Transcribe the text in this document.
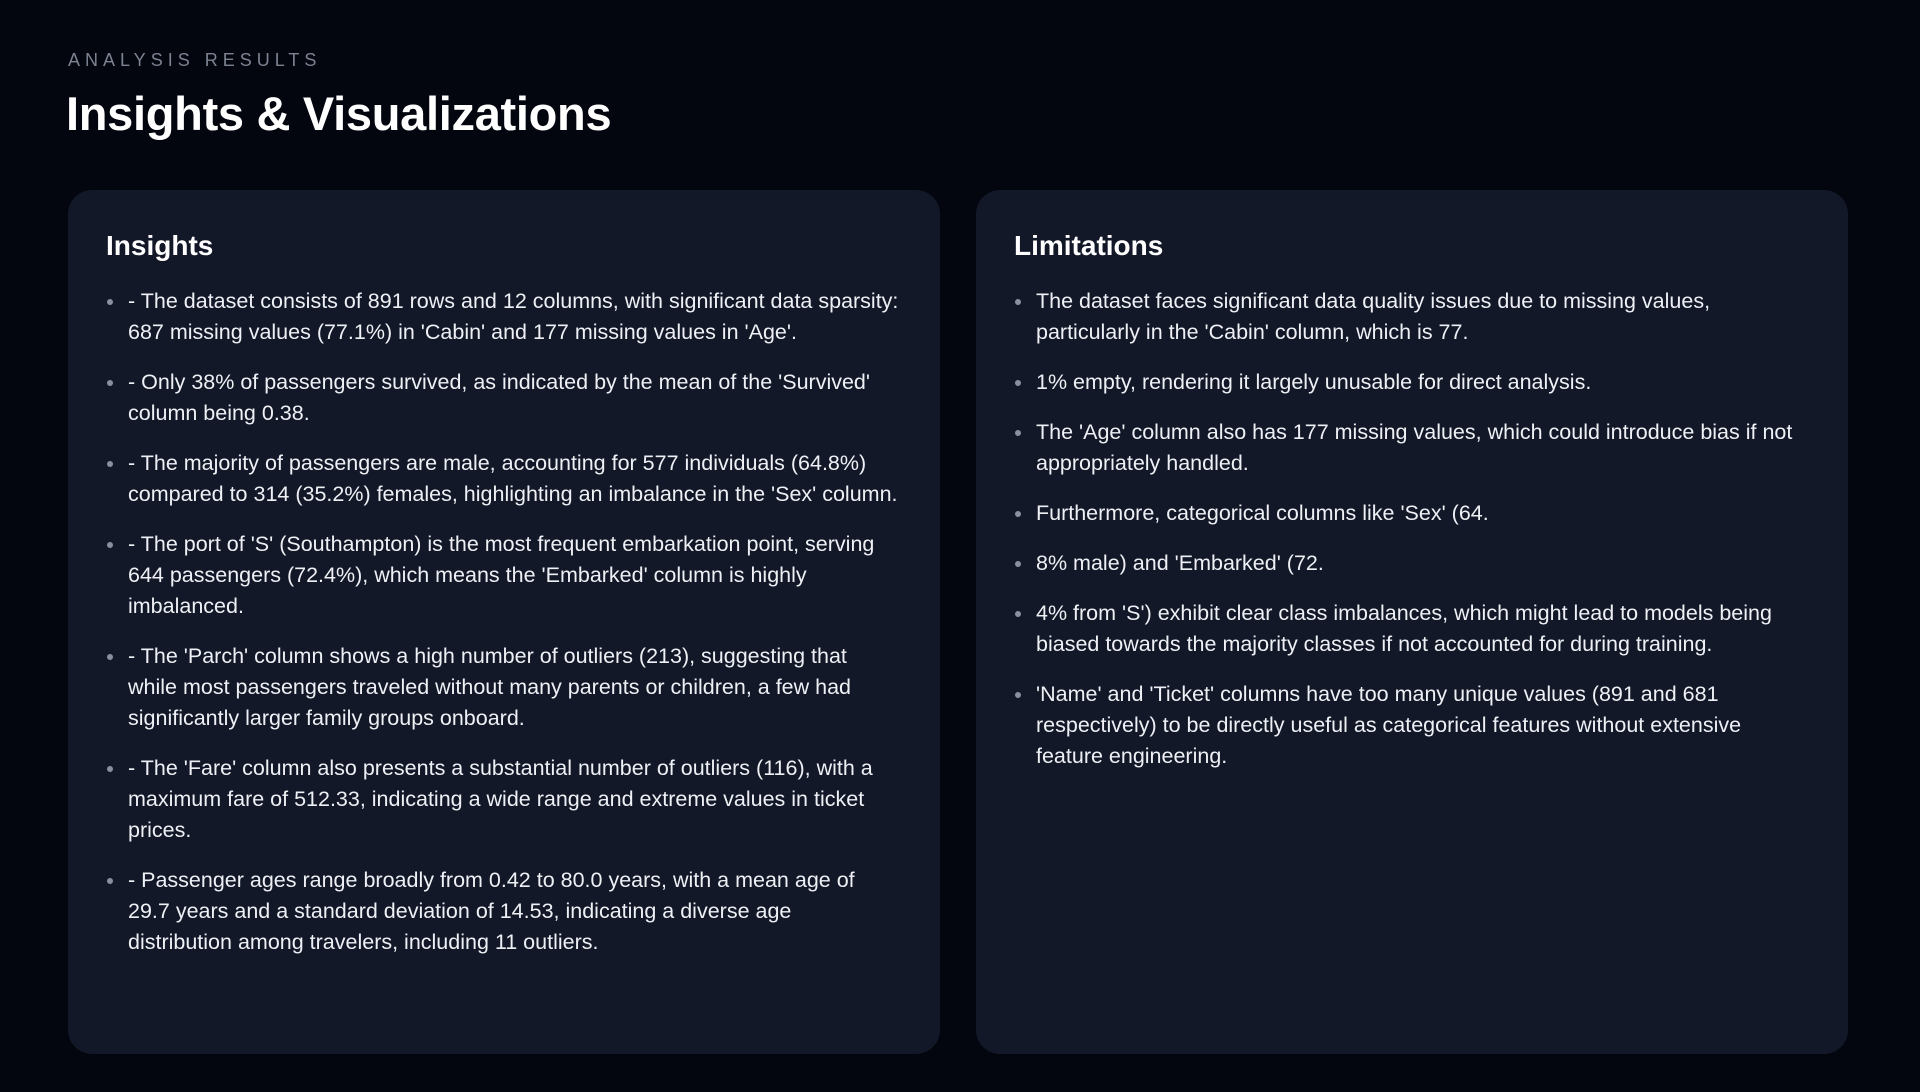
ANALYSIS RESULTS
Insights & Visualizations
Insights
- The dataset consists of 891 rows and 12 columns, with significant data sparsity: 687 missing values (77.1%) in 'Cabin' and 177 missing values in 'Age'.
- Only 38% of passengers survived, as indicated by the mean of the 'Survived' column being 0.38.
- The majority of passengers are male, accounting for 577 individuals (64.8%) compared to 314 (35.2%) females, highlighting an imbalance in the 'Sex' column.
- The port of 'S' (Southampton) is the most frequent embarkation point, serving 644 passengers (72.4%), which means the 'Embarked' column is highly imbalanced.
- The 'Parch' column shows a high number of outliers (213), suggesting that while most passengers traveled without many parents or children, a few had significantly larger family groups onboard.
- The 'Fare' column also presents a substantial number of outliers (116), with a maximum fare of 512.33, indicating a wide range and extreme values in ticket prices.
- Passenger ages range broadly from 0.42 to 80.0 years, with a mean age of 29.7 years and a standard deviation of 14.53, indicating a diverse age distribution among travelers, including 11 outliers.
Limitations
The dataset faces significant data quality issues due to missing values, particularly in the 'Cabin' column, which is 77.
1% empty, rendering it largely unusable for direct analysis.
The 'Age' column also has 177 missing values, which could introduce bias if not appropriately handled.
Furthermore, categorical columns like 'Sex' (64.
8% male) and 'Embarked' (72.
4% from 'S') exhibit clear class imbalances, which might lead to models being biased towards the majority classes if not accounted for during training.
'Name' and 'Ticket' columns have too many unique values (891 and 681 respectively) to be directly useful as categorical features without extensive feature engineering.
